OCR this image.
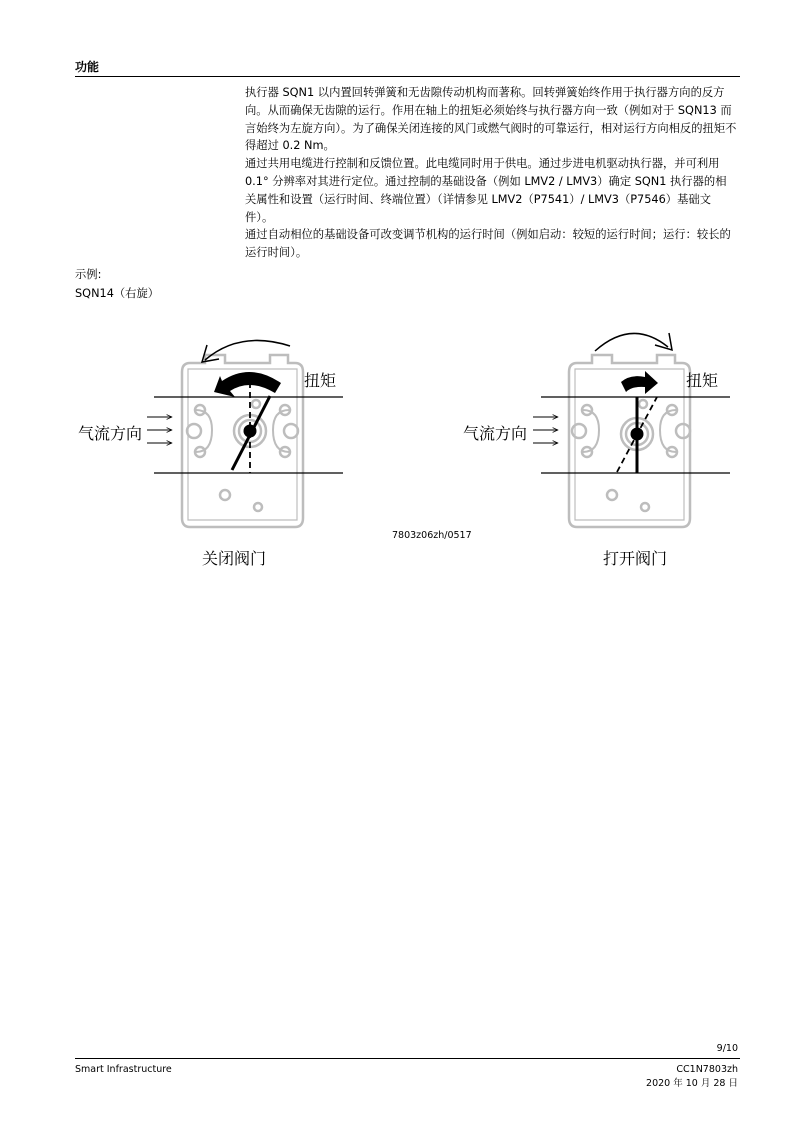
功能

执行器 SQN1 以内置回转弹簧和无齿隙传动机构而著称。回转弹簧始终作用于执行器方向的反方向。从而确保无齿隙的运行。作用在轴上的扭矩必须始终与执行器方向一致（例如对于 SQN13 而言始终为左旋方向）。为了确保关闭连接的风门或燃气阀时的可靠运行，相对运行方向相反的扭矩不得超过 0.2 Nm。

通过共用电缆进行控制和反馈位置。此电缆同时用于供电。通过步进电机驱动执行器，并可利用 0.1° 分辨率对其进行定位。通过控制的基础设备（例如 LMV2 / LMV3）确定 SQN1 执行器的相关属性和设置（运行时间、终端位置）（详情参见 LMV2（P7541）/ LMV3（P7546）基础文件）。

通过自动相位的基础设备可改变调节机构的运行时间（例如启动：较短的运行时间；运行：较长的运行时间）。

示例:
SQN14（右旋）
扭矩
气流方向
关闭阀门
扭矩
气流方向
打开阀门
7803z06zh/0517
9/10
Smart Infrastructure	CC1N7803zh
2020 年 10 月 28 日
